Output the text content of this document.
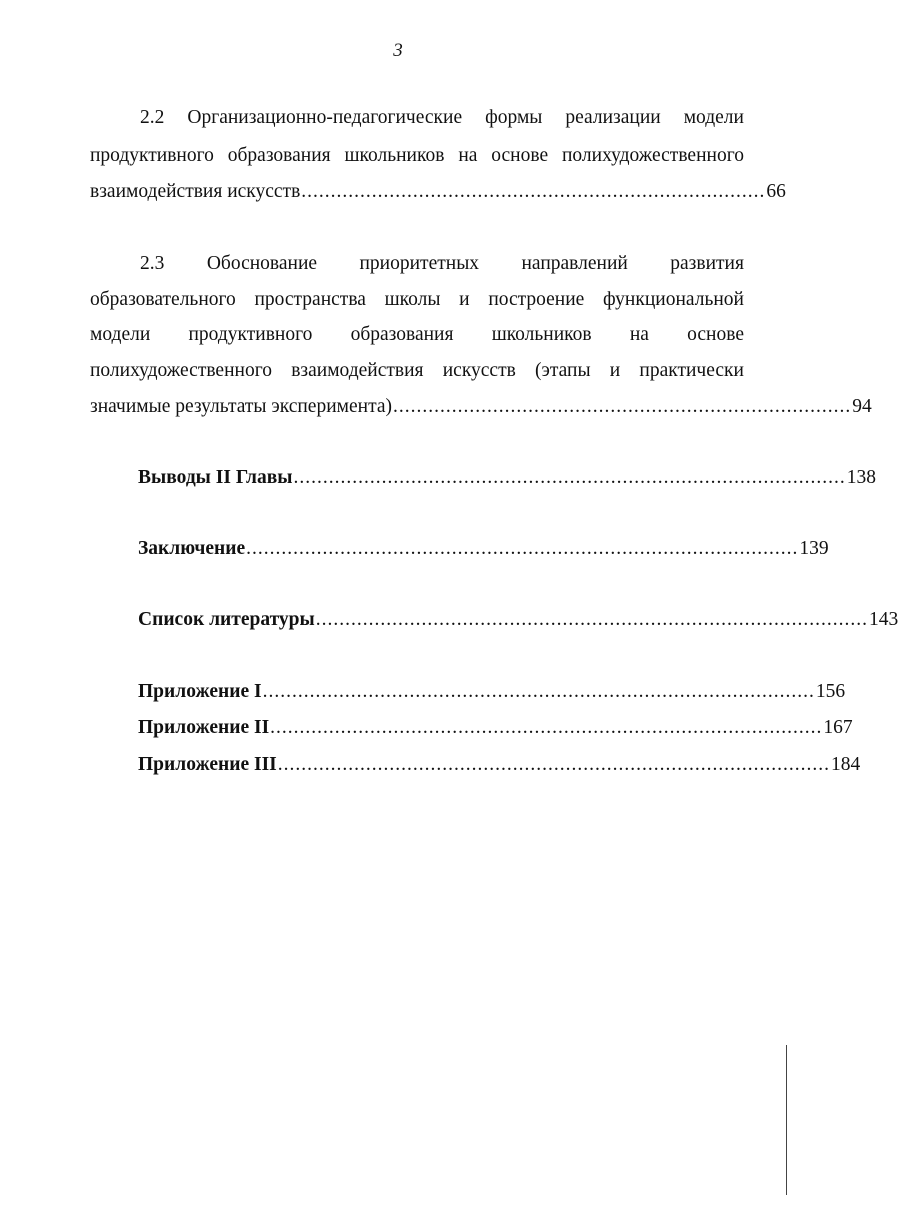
3
2.2 Организационно-педагогические формы реализации модели
продуктивного образования школьников на основе полихудожественного
взаимодействия искусств ............................................................................... 66
2.3 Обоснование приоритетных направлений развития
образовательного пространства школы и построение функциональной
модели продуктивного образования школьников на основе
полихудожественного взаимодействия искусств (этапы и практически
значимые результаты эксперимента) .............................................................................. 94
Выводы II Главы .............................................................................................. 138
Заключение .............................................................................................. 139
Список литературы .............................................................................................. 143
Приложение I .............................................................................................. 156
Приложение II .............................................................................................. 167
Приложение III .............................................................................................. 184
